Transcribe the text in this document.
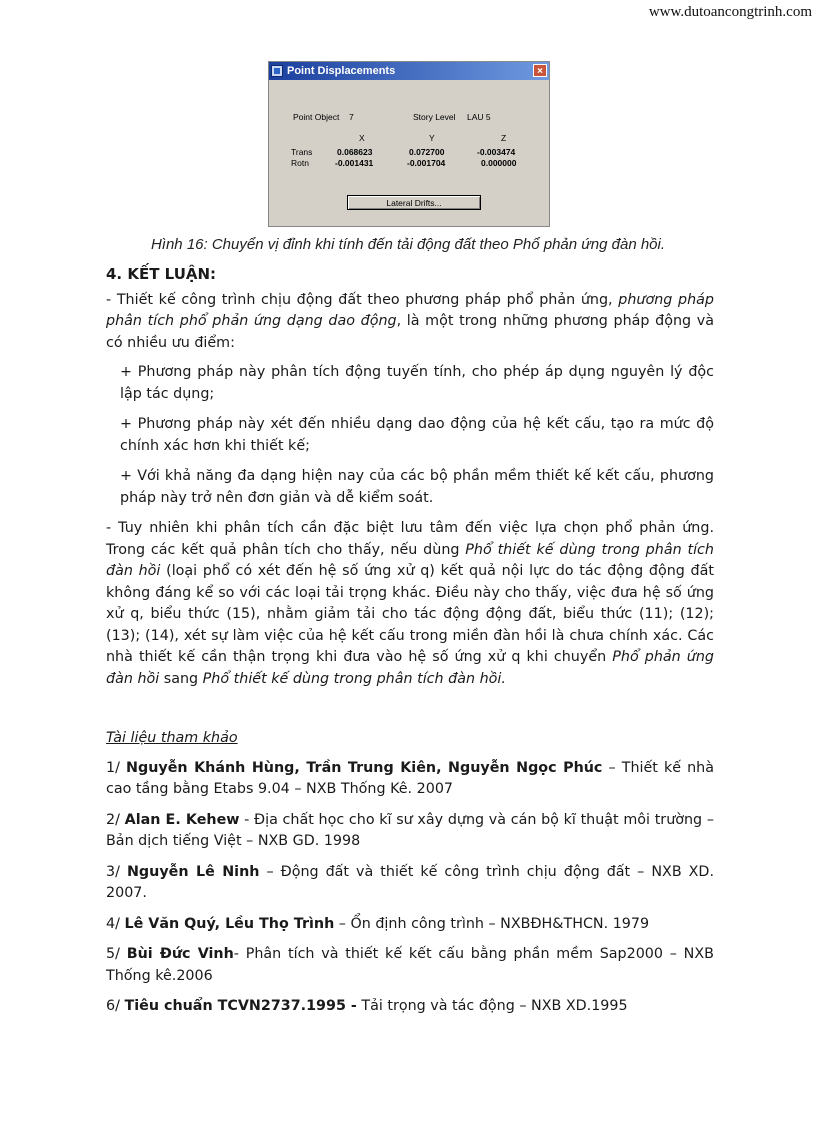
www.dutoancongtrinh.com
Point Displacements	×
Point Object 7	Story Level LAU 5
X	Y	Z
Trans	0.068623	0.072700	-0.003474
Rotn	-0.001431	-0.001704	0.000000
Lateral Drifts...
Hình 16: Chuyển vị đỉnh khi tính đến tải động đất theo Phổ phản ứng đàn hồi.
4. KẾT LUẬN:

- Thiết kế công trình chịu động đất theo phương pháp phổ phản ứng, phương pháp phân tích phổ phản ứng dạng dao động, là một trong những phương pháp động và có nhiều ưu điểm:

+ Phương pháp này phân tích động tuyến tính, cho phép áp dụng nguyên lý độc lập tác dụng;

+ Phương pháp này xét đến nhiều dạng dao động của hệ kết cấu, tạo ra mức độ chính xác hơn khi thiết kế;

+ Với khả năng đa dạng hiện nay của các bộ phần mềm thiết kế kết cấu, phương pháp này trở nên đơn giản và dễ kiểm soát.

- Tuy nhiên khi phân tích cần đặc biệt lưu tâm đến việc lựa chọn phổ phản ứng. Trong các kết quả phân tích cho thấy, nếu dùng Phổ thiết kế dùng trong phân tích đàn hồi (loại phổ có xét đến hệ số ứng xử q) kết quả nội lực do tác động động đất không đáng kể so với các loại tải trọng khác. Điều này cho thấy, việc đưa hệ số ứng xử q, biểu thức (15), nhằm giảm tải cho tác động động đất, biểu thức (11); (12); (13); (14), xét sự làm việc của hệ kết cấu trong miền đàn hồi là chưa chính xác. Các nhà thiết kế cần thận trọng khi đưa vào hệ số ứng xử q khi chuyển Phổ phản ứng đàn hồi sang Phổ thiết kế dùng trong phân tích đàn hồi.

Tài liệu tham khảo

1/ Nguyễn Khánh Hùng, Trần Trung Kiên, Nguyễn Ngọc Phúc – Thiết kế nhà cao tầng bằng Etabs 9.04 – NXB Thống Kê. 2007

2/ Alan E. Kehew - Địa chất học cho kĩ sư xây dựng và cán bộ kĩ thuật môi trường – Bản dịch tiếng Việt – NXB GD. 1998

3/ Nguyễn Lê Ninh – Động đất và thiết kế công trình chịu động đất – NXB XD. 2007.

4/ Lê Văn Quý, Lều Thọ Trình – Ổn định công trình – NXBĐH&THCN. 1979

5/ Bùi Đức Vinh- Phân tích và thiết kế kết cấu bằng phần mềm Sap2000 – NXB Thống kê.2006

6/ Tiêu chuẩn TCVN2737.1995 - Tải trọng và tác động – NXB XD.1995
